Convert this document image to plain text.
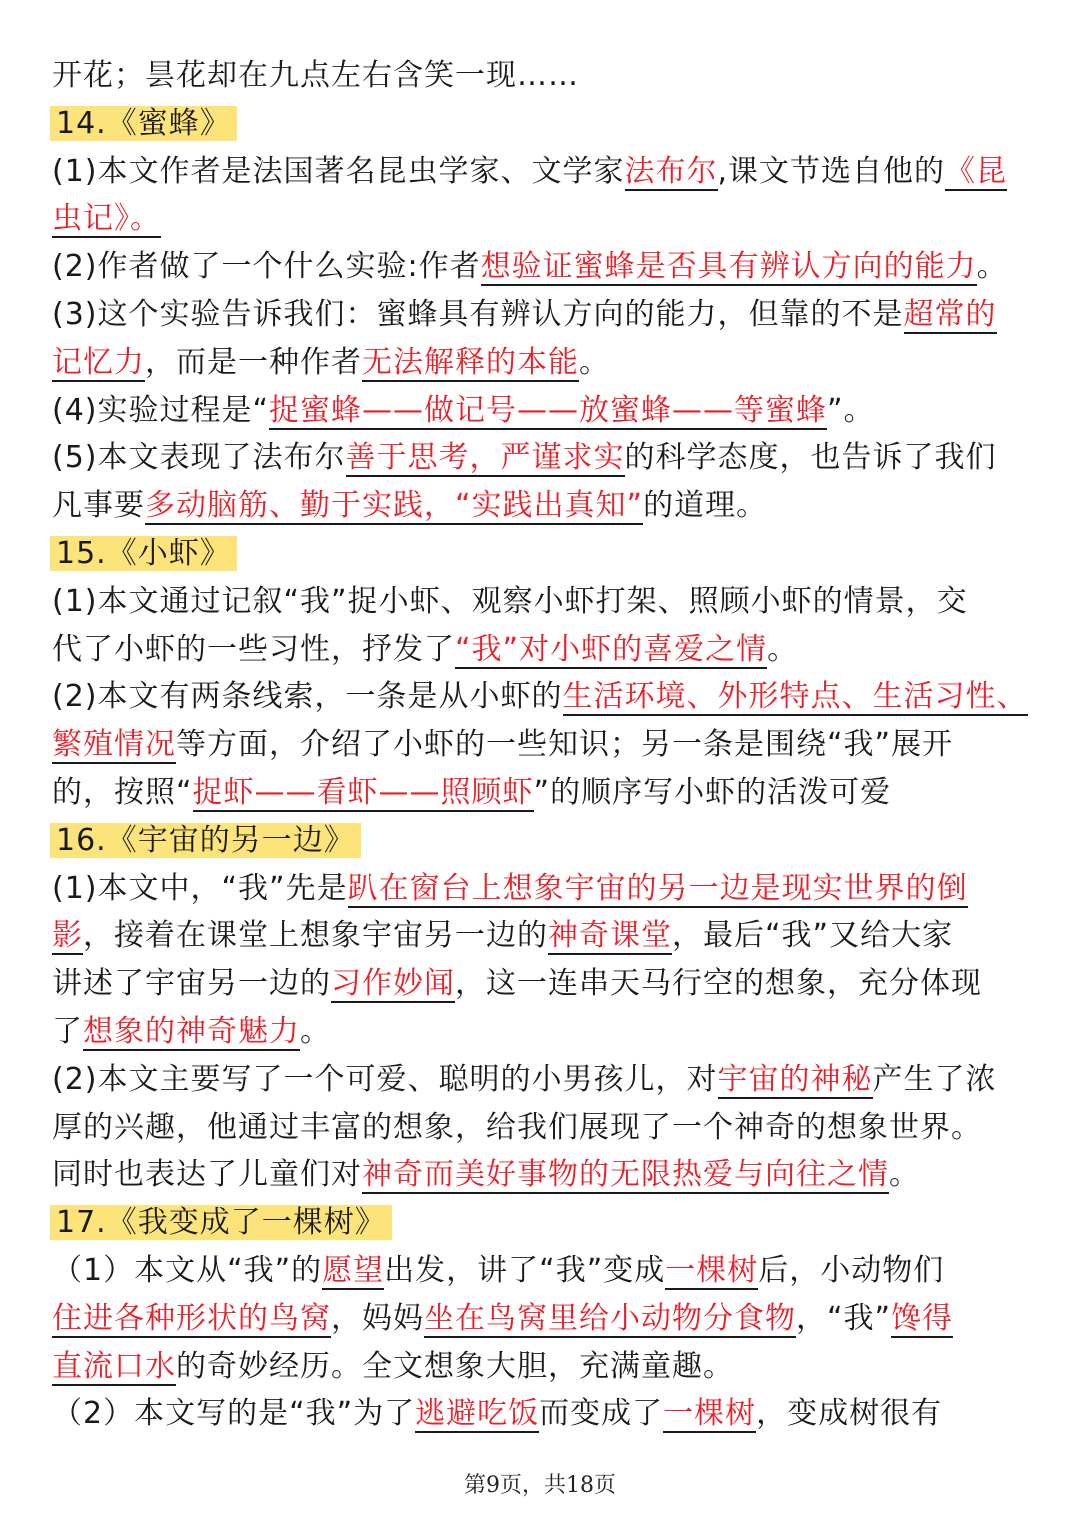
开花；昙花却在九点左右含笑一现……
14.《蜜蜂》
(1)本文作者是法国著名昆虫学家、文学家法布尔,课文节选自他的《昆
虫记》。
(2)作者做了一个什么实验:作者想验证蜜蜂是否具有辨认方向的能力。
(3)这个实验告诉我们：蜜蜂具有辨认方向的能力，但靠的不是超常的
记忆力，而是一种作者无法解释的本能。
(4)实验过程是“捉蜜蜂——做记号——放蜜蜂——等蜜蜂”。
(5)本文表现了法布尔善于思考，严谨求实的科学态度，也告诉了我们
凡事要多动脑筋、勤于实践，“实践出真知”的道理。
15.《小虾》
(1)本文通过记叙“我”捉小虾、观察小虾打架、照顾小虾的情景，交
代了小虾的一些习性，抒发了“我”对小虾的喜爱之情。
(2)本文有两条线索，一条是从小虾的生活环境、外形特点、生活习性、
繁殖情况等方面，介绍了小虾的一些知识；另一条是围绕“我”展开
的，按照“捉虾——看虾——照顾虾”的顺序写小虾的活泼可爱
16.《宇宙的另一边》
(1)本文中，“我”先是趴在窗台上想象宇宙的另一边是现实世界的倒
影，接着在课堂上想象宇宙另一边的神奇课堂，最后“我”又给大家
讲述了宇宙另一边的习作妙闻，这一连串天马行空的想象，充分体现
了想象的神奇魅力。
(2)本文主要写了一个可爱、聪明的小男孩儿，对宇宙的神秘产生了浓
厚的兴趣，他通过丰富的想象，给我们展现了一个神奇的想象世界。
同时也表达了儿童们对神奇而美好事物的无限热爱与向往之情。
17.《我变成了一棵树》
（1）本文从“我”的愿望出发，讲了“我”变成一棵树后，小动物们
住进各种形状的鸟窝，妈妈坐在鸟窝里给小动物分食物，“我”馋得
直流口水的奇妙经历。全文想象大胆，充满童趣。
（2）本文写的是“我”为了逃避吃饭而变成了一棵树，变成树很有
第9页，共18页
